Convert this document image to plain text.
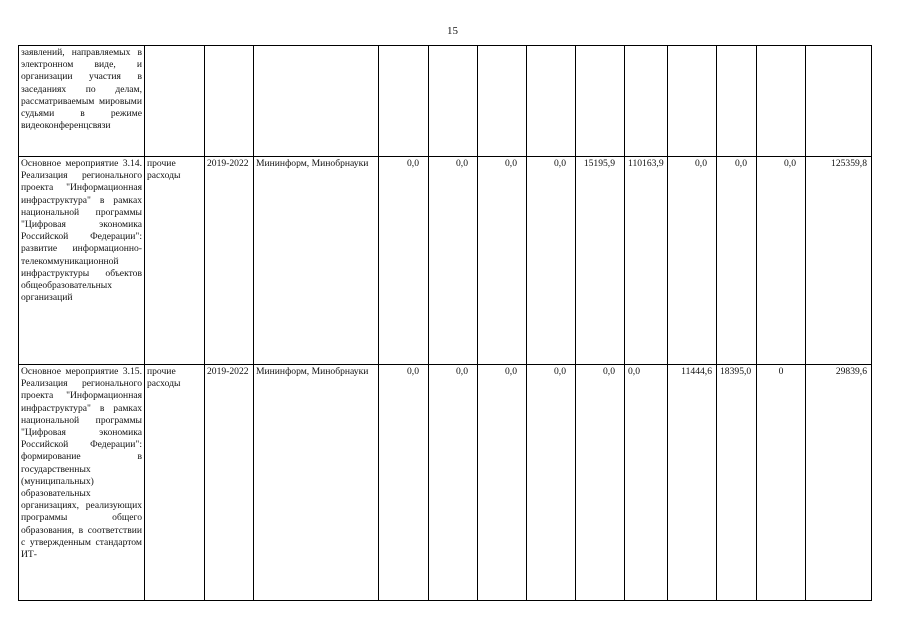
15
заявлений, направляемых в электронном виде, и организации участия в заседаниях по делам, рассматриваемым мировыми судьями в режиме видеоконференцсвязи													
Основное мероприятие 3.14. Реализация регионального проекта "Информационная инфраструктура" в рамках национальной программы "Цифровая экономика Российской Федерации": развитие информационно-телекоммуникационной инфраструктуры объектов общеобразовательных организаций	прочие расходы	2019-2022	Мининформ, Минобрнауки	0,0	0,0	0,0	0,0	15195,9	110163,9	0,0	0,0	0,0	125359,8
Основное мероприятие 3.15. Реализация регионального проекта "Информационная инфраструктура" в рамках национальной программы "Цифровая экономика Российской Федерации": формирование в государственных (муниципальных) образовательных организациях, реализующих программы общего образования, в соответствии с утвержденным стандартом ИТ-	прочие расходы	2019-2022	Мининформ, Минобрнауки	0,0	0,0	0,0	0,0	0,0	0,0	11444,6	18395,0	0	29839,6
